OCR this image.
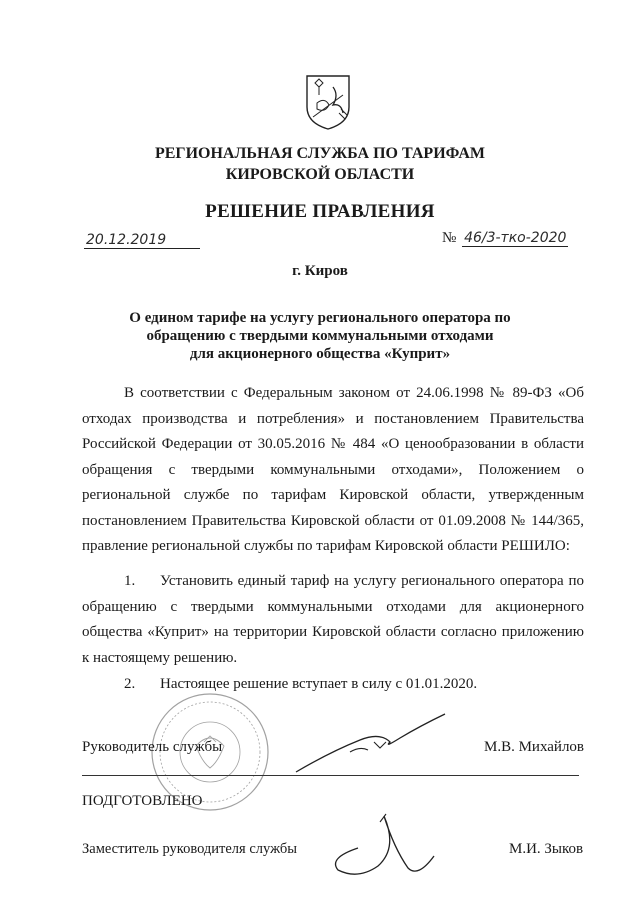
РЕГИОНАЛЬНАЯ СЛУЖБА ПО ТАРИФАМ
КИРОВСКОЙ ОБЛАСТИ
РЕШЕНИЕ ПРАВЛЕНИЯ
20.12.2019	№ 46/3-тко-2020
г. Киров
О едином тарифе на услугу регионального оператора по
обращению с твердыми коммунальными отходами
для акционерного общества «Куприт»
В соответствии с Федеральным законом от 24.06.1998 № 89-ФЗ «Об отходах производства и потребления» и постановлением Правительства Российской Федерации от 30.05.2016 № 484 «О ценообразовании в области обращения с твердыми коммунальными отходами», Положением о региональной службе по тарифам Кировской области, утвержденным постановлением Правительства Кировской области от 01.09.2008 № 144/365, правление региональной службы по тарифам Кировской области РЕШИЛО:
1. Установить единый тариф на услугу регионального оператора по обращению с твердыми коммунальными отходами для акционерного общества «Куприт» на территории Кировской области согласно приложению к настоящему решению.
2. Настоящее решение вступает в силу с 01.01.2020.
Руководитель службы	М.В. Михайлов
ПОДГОТОВЛЕНО
Заместитель руководителя службы	М.И. Зыков
